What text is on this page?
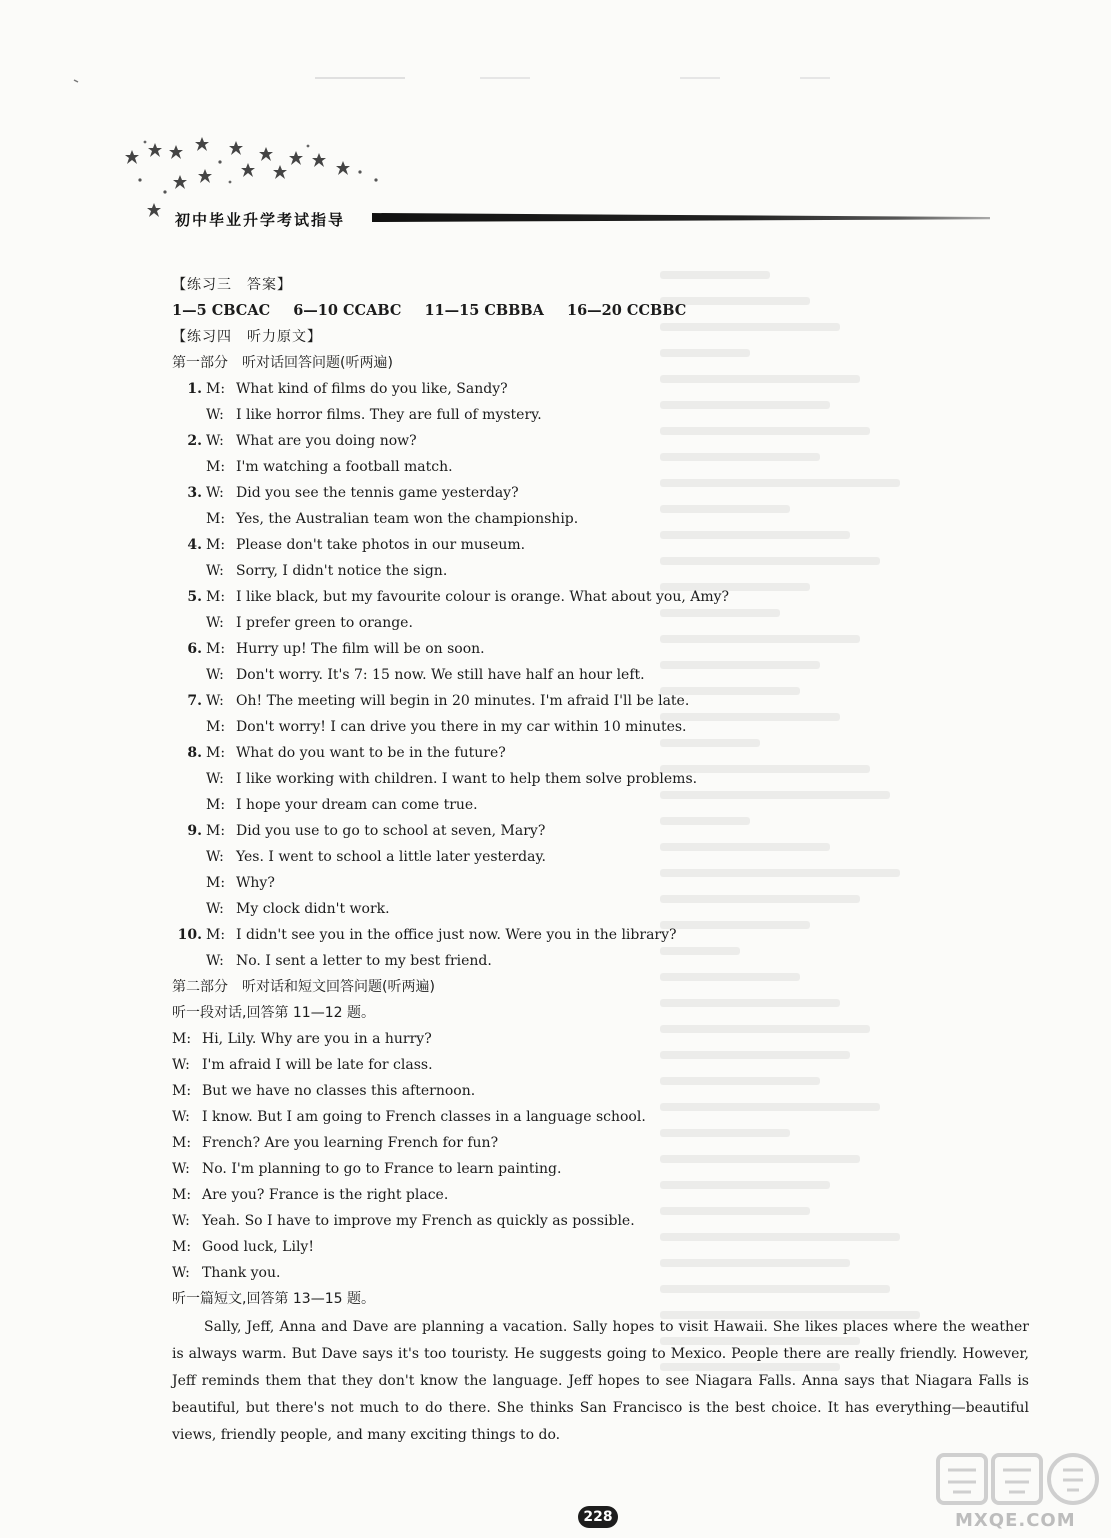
初中毕业升学考试指导
【练习三　答案】
1—5 CBCAC 6—10 CCABC 11—15 CBBBA 16—20 CCBBC
【练习四　听力原文】
第一部分　听对话回答问题(听两遍)
1. M: What kind of films do you like, Sandy?
W: I like horror films. They are full of mystery.
2. W: What are you doing now?
M: I'm watching a football match.
3. W: Did you see the tennis game yesterday?
M: Yes, the Australian team won the championship.
4. M: Please don't take photos in our museum.
W: Sorry, I didn't notice the sign.
5. M: I like black, but my favourite colour is orange. What about you, Amy?
W: I prefer green to orange.
6. M: Hurry up! The film will be on soon.
W: Don't worry. It's 7: 15 now. We still have half an hour left.
7. W: Oh! The meeting will begin in 20 minutes. I'm afraid I'll be late.
M: Don't worry! I can drive you there in my car within 10 minutes.
8. M: What do you want to be in the future?
W: I like working with children. I want to help them solve problems.
M: I hope your dream can come true.
9. M: Did you use to go to school at seven, Mary?
W: Yes. I went to school a little later yesterday.
M: Why?
W: My clock didn't work.
10. M: I didn't see you in the office just now. Were you in the library?
W: No. I sent a letter to my best friend.
第二部分　听对话和短文回答问题(听两遍)
听一段对话,回答第 11—12 题。
M: Hi, Lily. Why are you in a hurry?
W: I'm afraid I will be late for class.
M: But we have no classes this afternoon.
W: I know. But I am going to French classes in a language school.
M: French? Are you learning French for fun?
W: No. I'm planning to go to France to learn painting.
M: Are you? France is the right place.
W: Yeah. So I have to improve my French as quickly as possible.
M: Good luck, Lily!
W: Thank you.
听一篇短文,回答第 13—15 题。
Sally, Jeff, Anna and Dave are planning a vacation. Sally hopes to visit Hawaii. She likes places where the weather is always warm. But Dave says it's too touristy. He suggests going to Mexico. People there are really friendly. However, Jeff reminds them that they don't know the language. Jeff hopes to see Niagara Falls. Anna says that Niagara Falls is beautiful, but there's not much to do there. She thinks San Francisco is the best choice. It has everything—beautiful views, friendly people, and many exciting things to do.
228	MXQE.COM
